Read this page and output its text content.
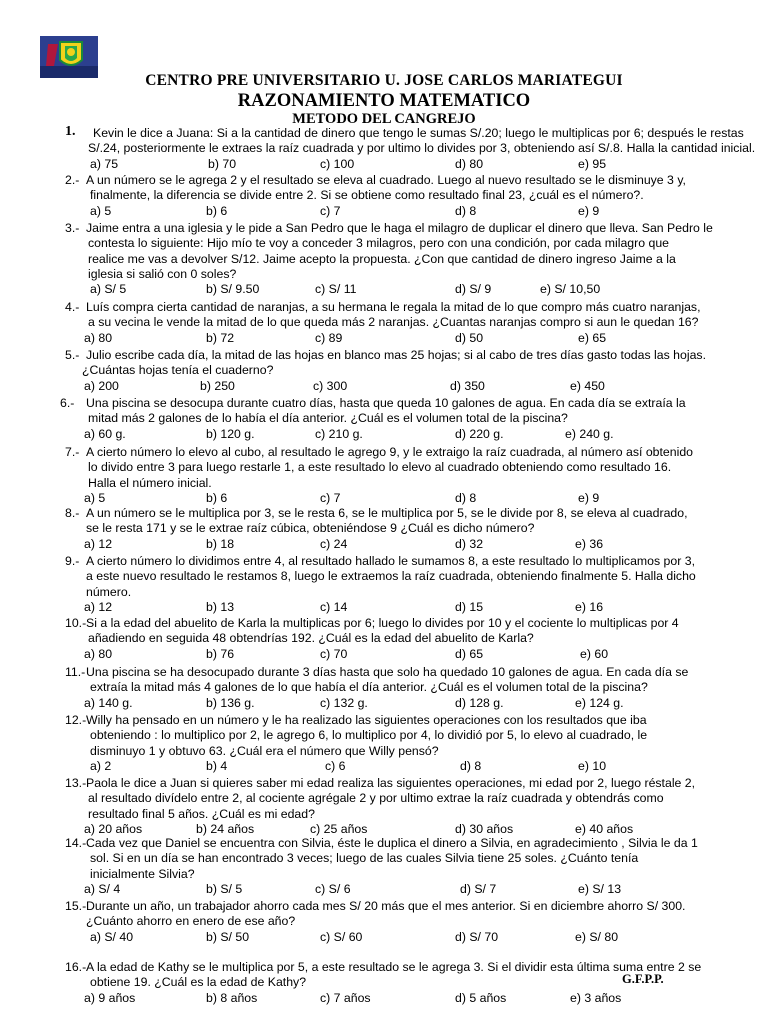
CENTRO PRE UNIVERSITARIO U. JOSE CARLOS MARIATEGUI
RAZONAMIENTO MATEMATICO
METODO DEL CANGREJO
1. Kevin le dice a Juana: Si a la cantidad de dinero que tengo le sumas S/.20; luego le multiplicas por 6; después le restas
S/.24, posteriormente le extraes la raíz cuadrada y por ultimo lo divides por 3, obteniendo así S/.8. Halla la cantidad inicial.
a) 75	b) 70	c) 100	d) 80	e) 95
2.- A un número se le agrega 2 y el resultado se eleva al cuadrado. Luego al nuevo resultado se le disminuye 3 y,
finalmente, la diferencia se divide entre 2. Si se obtiene como resultado final 23, ¿cuál es el número?.
a) 5	b) 6	c) 7	d) 8	e) 9
3.- Jaime entra a una iglesia y le pide a San Pedro que le haga el milagro de duplicar el dinero que lleva. San Pedro le
contesta lo siguiente: Hijo mío te voy a conceder 3 milagros, pero con una condición, por cada milagro que
realice me vas a devolver S/12. Jaime acepto la propuesta. ¿Con que cantidad de dinero ingreso Jaime a la
iglesia si salió con 0 soles?
a) S/ 5	b) S/ 9.50	c) S/ 11	d) S/ 9	e) S/ 10,50
4.- Luís compra cierta cantidad de naranjas, a su hermana le regala la mitad de lo que compro más cuatro naranjas,
a su vecina le vende la mitad de lo que queda más 2 naranjas. ¿Cuantas naranjas compro si aun le quedan 16?
a) 80	b) 72	c) 89	d) 50	e) 65
5.- Julio escribe cada día, la mitad de las hojas en blanco mas 25 hojas; si al cabo de tres días gasto todas las hojas.
¿Cuántas hojas tenía el cuaderno?
a) 200	b) 250	c) 300	d) 350	e) 450
6.- Una piscina se desocupa durante cuatro días, hasta que queda 10 galones de agua. En cada día se extraía la
mitad más 2 galones de lo había el día anterior. ¿Cuál es el volumen total de la piscina?
a) 60 g.	b) 120 g.	c) 210 g.	d) 220 g.	e) 240 g.
7.- A cierto número lo elevo al cubo, al resultado le agrego 9, y le extraigo la raíz cuadrada, al número así obtenido
lo divido entre 3 para luego restarle 1, a este resultado lo elevo al cuadrado obteniendo como resultado 16.
Halla el número inicial.
a) 5	b) 6	c) 7	d) 8	e) 9
8.- A un número se le multiplica por 3, se le resta 6, se le multiplica por 5, se le divide por 8, se eleva al cuadrado,
se le resta 171 y se le extrae raíz cúbica, obteniéndose 9 ¿Cuál es dicho número?
a) 12	b) 18	c) 24	d) 32	e) 36
9.- A cierto número lo dividimos entre 4, al resultado hallado le sumamos 8, a este resultado lo multiplicamos por 3,
a este nuevo resultado le restamos 8, luego le extraemos la raíz cuadrada, obteniendo finalmente 5. Halla dicho
número.
a) 12	b) 13	c) 14	d) 15	e) 16
10.- Si a la edad del abuelito de Karla la multiplicas por 6; luego lo divides por 10 y el cociente lo multiplicas por 4
añadiendo en seguida 48 obtendrías 192. ¿Cuál es la edad del abuelito de Karla?
a) 80	b) 76	c) 70	d) 65	e) 60
11.- Una piscina se ha desocupado durante 3 días hasta que solo ha quedado 10 galones de agua. En cada día se
extraía la mitad más 4 galones de lo que había el día anterior. ¿Cuál es el volumen total de la piscina?
a) 140 g.	b) 136 g.	c) 132 g.	d) 128 g.	e) 124 g.
12.- Willy ha pensado en un número y le ha realizado las siguientes operaciones con los resultados que iba
obteniendo : lo multiplico por 2, le agrego 6, lo multiplico por 4, lo dividió por 5, lo elevo al cuadrado, le
disminuyo 1 y obtuvo 63. ¿Cuál era el número que Willy pensó?
a) 2	b) 4	c) 6	d) 8	e) 10
13.- Paola le dice a Juan si quieres saber mi edad realiza las siguientes operaciones, mi edad por 2, luego réstale 2,
al resultado divídelo entre 2, al cociente agrégale 2 y por ultimo extrae la raíz cuadrada y obtendrás como
resultado final 5 años. ¿Cuál es mi edad?
a) 20 años	b) 24 años	c) 25 años	d) 30 años	e) 40 años
14.- Cada vez que Daniel se encuentra con Silvia, éste le duplica el dinero a Silvia, en agradecimiento , Silvia le da 1
sol. Si en un día se han encontrado 3 veces; luego de las cuales Silvia tiene 25 soles. ¿Cuánto tenía
inicialmente Silvia?
a) S/ 4	b) S/ 5	c) S/ 6	d) S/ 7	e) S/ 13
15.- Durante un año, un trabajador ahorro cada mes S/ 20 más que el mes anterior. Si en diciembre ahorro S/ 300.
¿Cuánto ahorro en enero de ese año?
a) S/ 40	b) S/ 50	c) S/ 60	d) S/ 70	e) S/ 80
16.- A la edad de Kathy se le multiplica por 5, a este resultado se le agrega 3. Si el dividir esta última suma entre 2 se
obtiene 19. ¿Cuál es la edad de Kathy?
a) 9 años	b) 8 años	c) 7 años	d) 5 años	e) 3 años
G.F.P.P.
